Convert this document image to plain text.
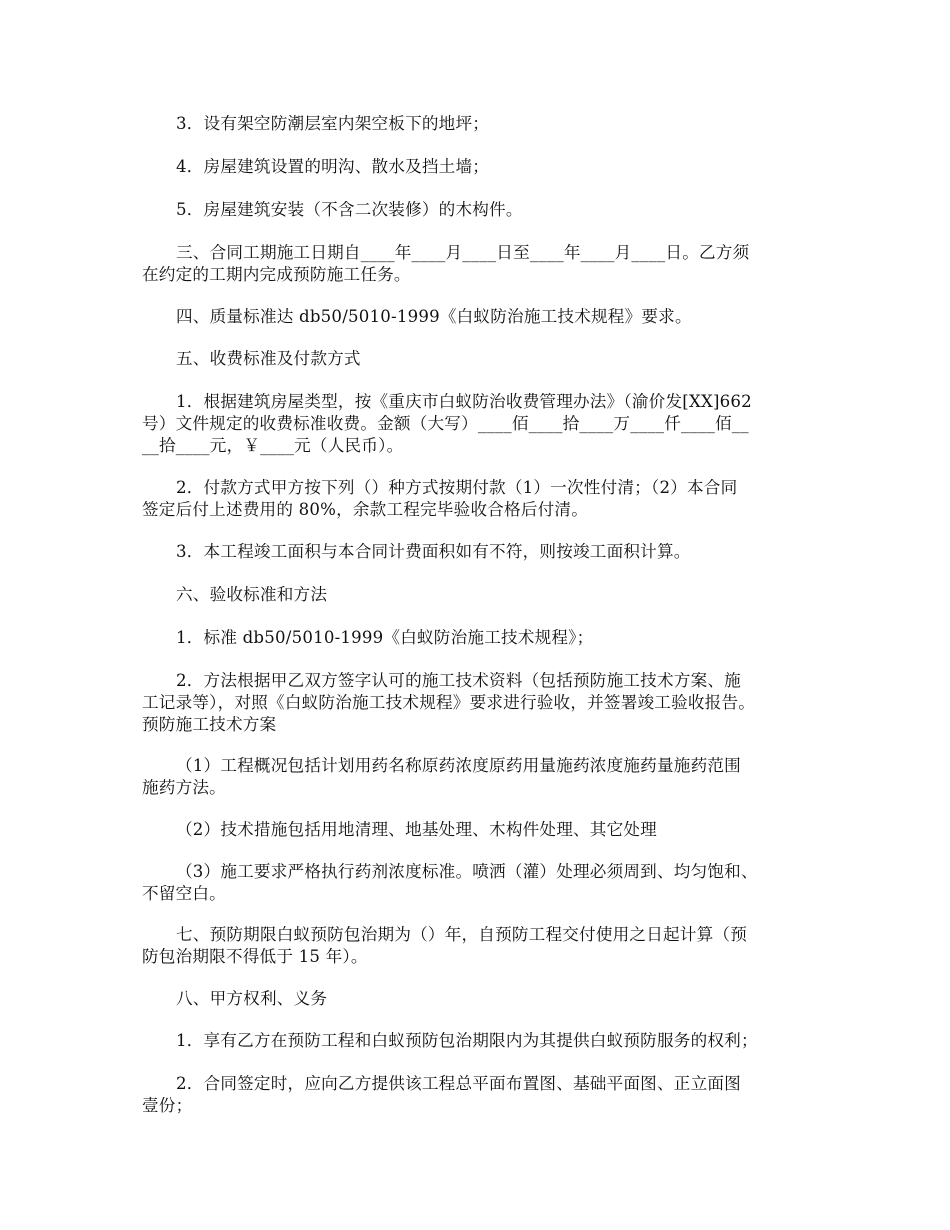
3．设有架空防潮层室内架空板下的地坪；
4．房屋建筑设置的明沟、散水及挡土墙；
5．房屋建筑安装（不含二次装修）的木构件。
三、合同工期施工日期自____年____月____日至____年____月____日。乙方须
在约定的工期内完成预防施工任务。
四、质量标准达 db50/5010-1999《白蚁防治施工技术规程》要求。
五、收费标准及付款方式
1．根据建筑房屋类型，按《重庆市白蚁防治收费管理办法》（渝价发[XX]662
号）文件规定的收费标准收费。金额（大写）____佰____拾____万____仟____佰__
__拾____元，￥____元（人民币）。
2．付款方式甲方按下列（）种方式按期付款（1）一次性付清；（2）本合同
签定后付上述费用的 80%，余款工程完毕验收合格后付清。
3．本工程竣工面积与本合同计费面积如有不符，则按竣工面积计算。
六、验收标准和方法
1．标准 db50/5010-1999《白蚁防治施工技术规程》；
2．方法根据甲乙双方签字认可的施工技术资料（包括预防施工技术方案、施
工记录等），对照《白蚁防治施工技术规程》要求进行验收，并签署竣工验收报告。
预防施工技术方案
（1）工程概况包括计划用药名称原药浓度原药用量施药浓度施药量施药范围
施药方法。
（2）技术措施包括用地清理、地基处理、木构件处理、其它处理
（3）施工要求严格执行药剂浓度标准。喷洒（灌）处理必须周到、均匀饱和、
不留空白。
七、预防期限白蚁预防包治期为（）年，自预防工程交付使用之日起计算（预
防包治期限不得低于 15 年）。
八、甲方权利、义务
1．享有乙方在预防工程和白蚁预防包治期限内为其提供白蚁预防服务的权利；
2．合同签定时，应向乙方提供该工程总平面布置图、基础平面图、正立面图
壹份；
